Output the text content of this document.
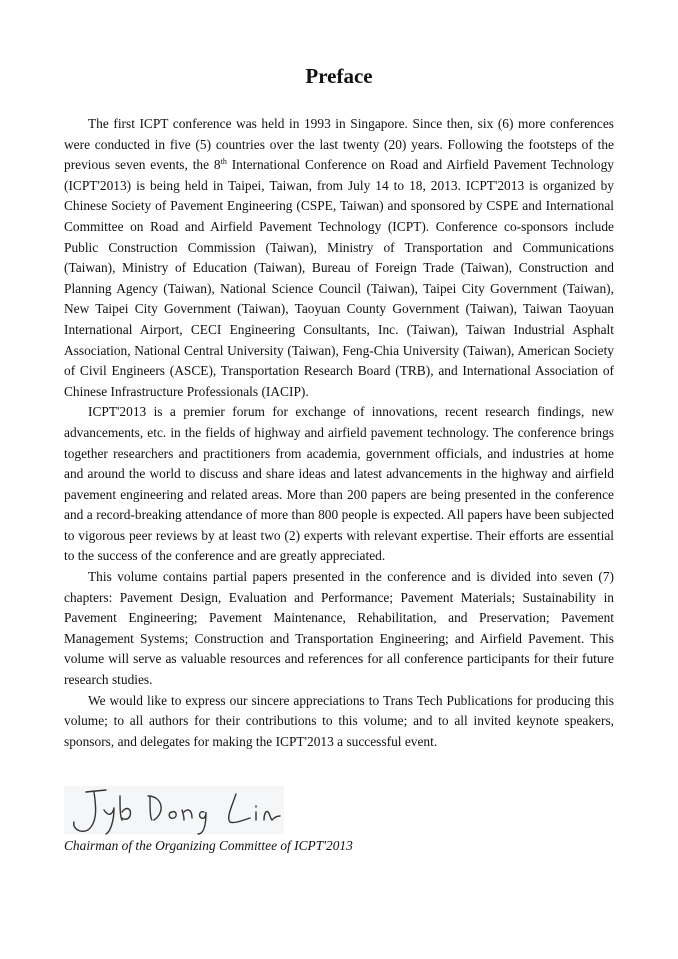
Preface

The first ICPT conference was held in 1993 in Singapore. Since then, six (6) more conferences were conducted in five (5) countries over the last twenty (20) years. Following the footsteps of the previous seven events, the 8th International Conference on Road and Airfield Pavement Technology (ICPT'2013) is being held in Taipei, Taiwan, from July 14 to 18, 2013. ICPT'2013 is organized by Chinese Society of Pavement Engineering (CSPE, Taiwan) and sponsored by CSPE and International Committee on Road and Airfield Pavement Technology (ICPT). Conference co-sponsors include Public Construction Commission (Taiwan), Ministry of Transportation and Communications (Taiwan), Ministry of Education (Taiwan), Bureau of Foreign Trade (Taiwan), Construction and Planning Agency (Taiwan), National Science Council (Taiwan), Taipei City Government (Taiwan), New Taipei City Government (Taiwan), Taoyuan County Government (Taiwan), Taiwan Taoyuan International Airport, CECI Engineering Consultants, Inc. (Taiwan), Taiwan Industrial Asphalt Association, National Central University (Taiwan), Feng-Chia University (Taiwan), American Society of Civil Engineers (ASCE), Transportation Research Board (TRB), and International Association of Chinese Infrastructure Professionals (IACIP).

ICPT'2013 is a premier forum for exchange of innovations, recent research findings, new advancements, etc. in the fields of highway and airfield pavement technology. The conference brings together researchers and practitioners from academia, government officials, and industries at home and around the world to discuss and share ideas and latest advancements in the highway and airfield pavement engineering and related areas. More than 200 papers are being presented in the conference and a record-breaking attendance of more than 800 people is expected. All papers have been subjected to vigorous peer reviews by at least two (2) experts with relevant expertise. Their efforts are essential to the success of the conference and are greatly appreciated.

This volume contains partial papers presented in the conference and is divided into seven (7) chapters: Pavement Design, Evaluation and Performance; Pavement Materials; Sustainability in Pavement Engineering; Pavement Maintenance, Rehabilitation, and Preservation; Pavement Management Systems; Construction and Transportation Engineering; and Airfield Pavement. This volume will serve as valuable resources and references for all conference participants for their future research studies.

We would like to express our sincere appreciations to Trans Tech Publications for producing this volume; to all authors for their contributions to this volume; and to all invited keynote speakers, sponsors, and delegates for making the ICPT'2013 a successful event.

Chairman of the Organizing Committee of ICPT'2013
